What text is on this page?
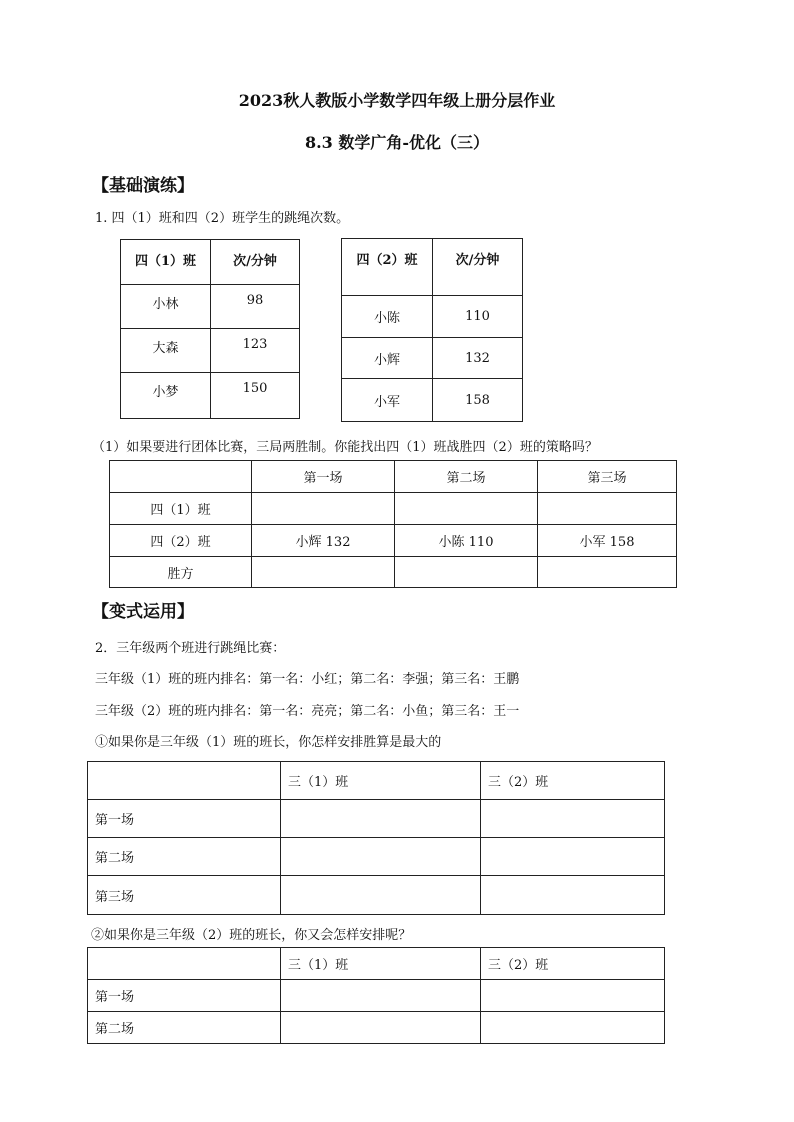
2023秋人教版小学数学四年级上册分层作业
8.3 数学广角-优化（三）
【基础演练】
1. 四（1）班和四（2）班学生的跳绳次数。
四（1）班	次/分钟
小林	98
大森	123
小梦	150
四（2）班	次/分钟
小陈	110
小辉	132
小军	158
（1）如果要进行团体比赛，三局两胜制。你能找出四（1）班战胜四（2）班的策略吗？
	第一场	第二场	第三场
四（1）班			
四（2）班	小辉 132	小陈 110	小军 158
胜方			
【变式运用】
2．三年级两个班进行跳绳比赛：
三年级（1）班的班内排名：第一名：小红；第二名：李强；第三名：王鹏
三年级（2）班的班内排名：第一名：亮亮；第二名：小鱼；第三名：王一
①如果你是三年级（1）班的班长，你怎样安排胜算是最大的
	三（1）班	三（2）班
第一场		
第二场		
第三场		
②如果你是三年级（2）班的班长，你又会怎样安排呢？
	三（1）班	三（2）班
第一场		
第二场		
